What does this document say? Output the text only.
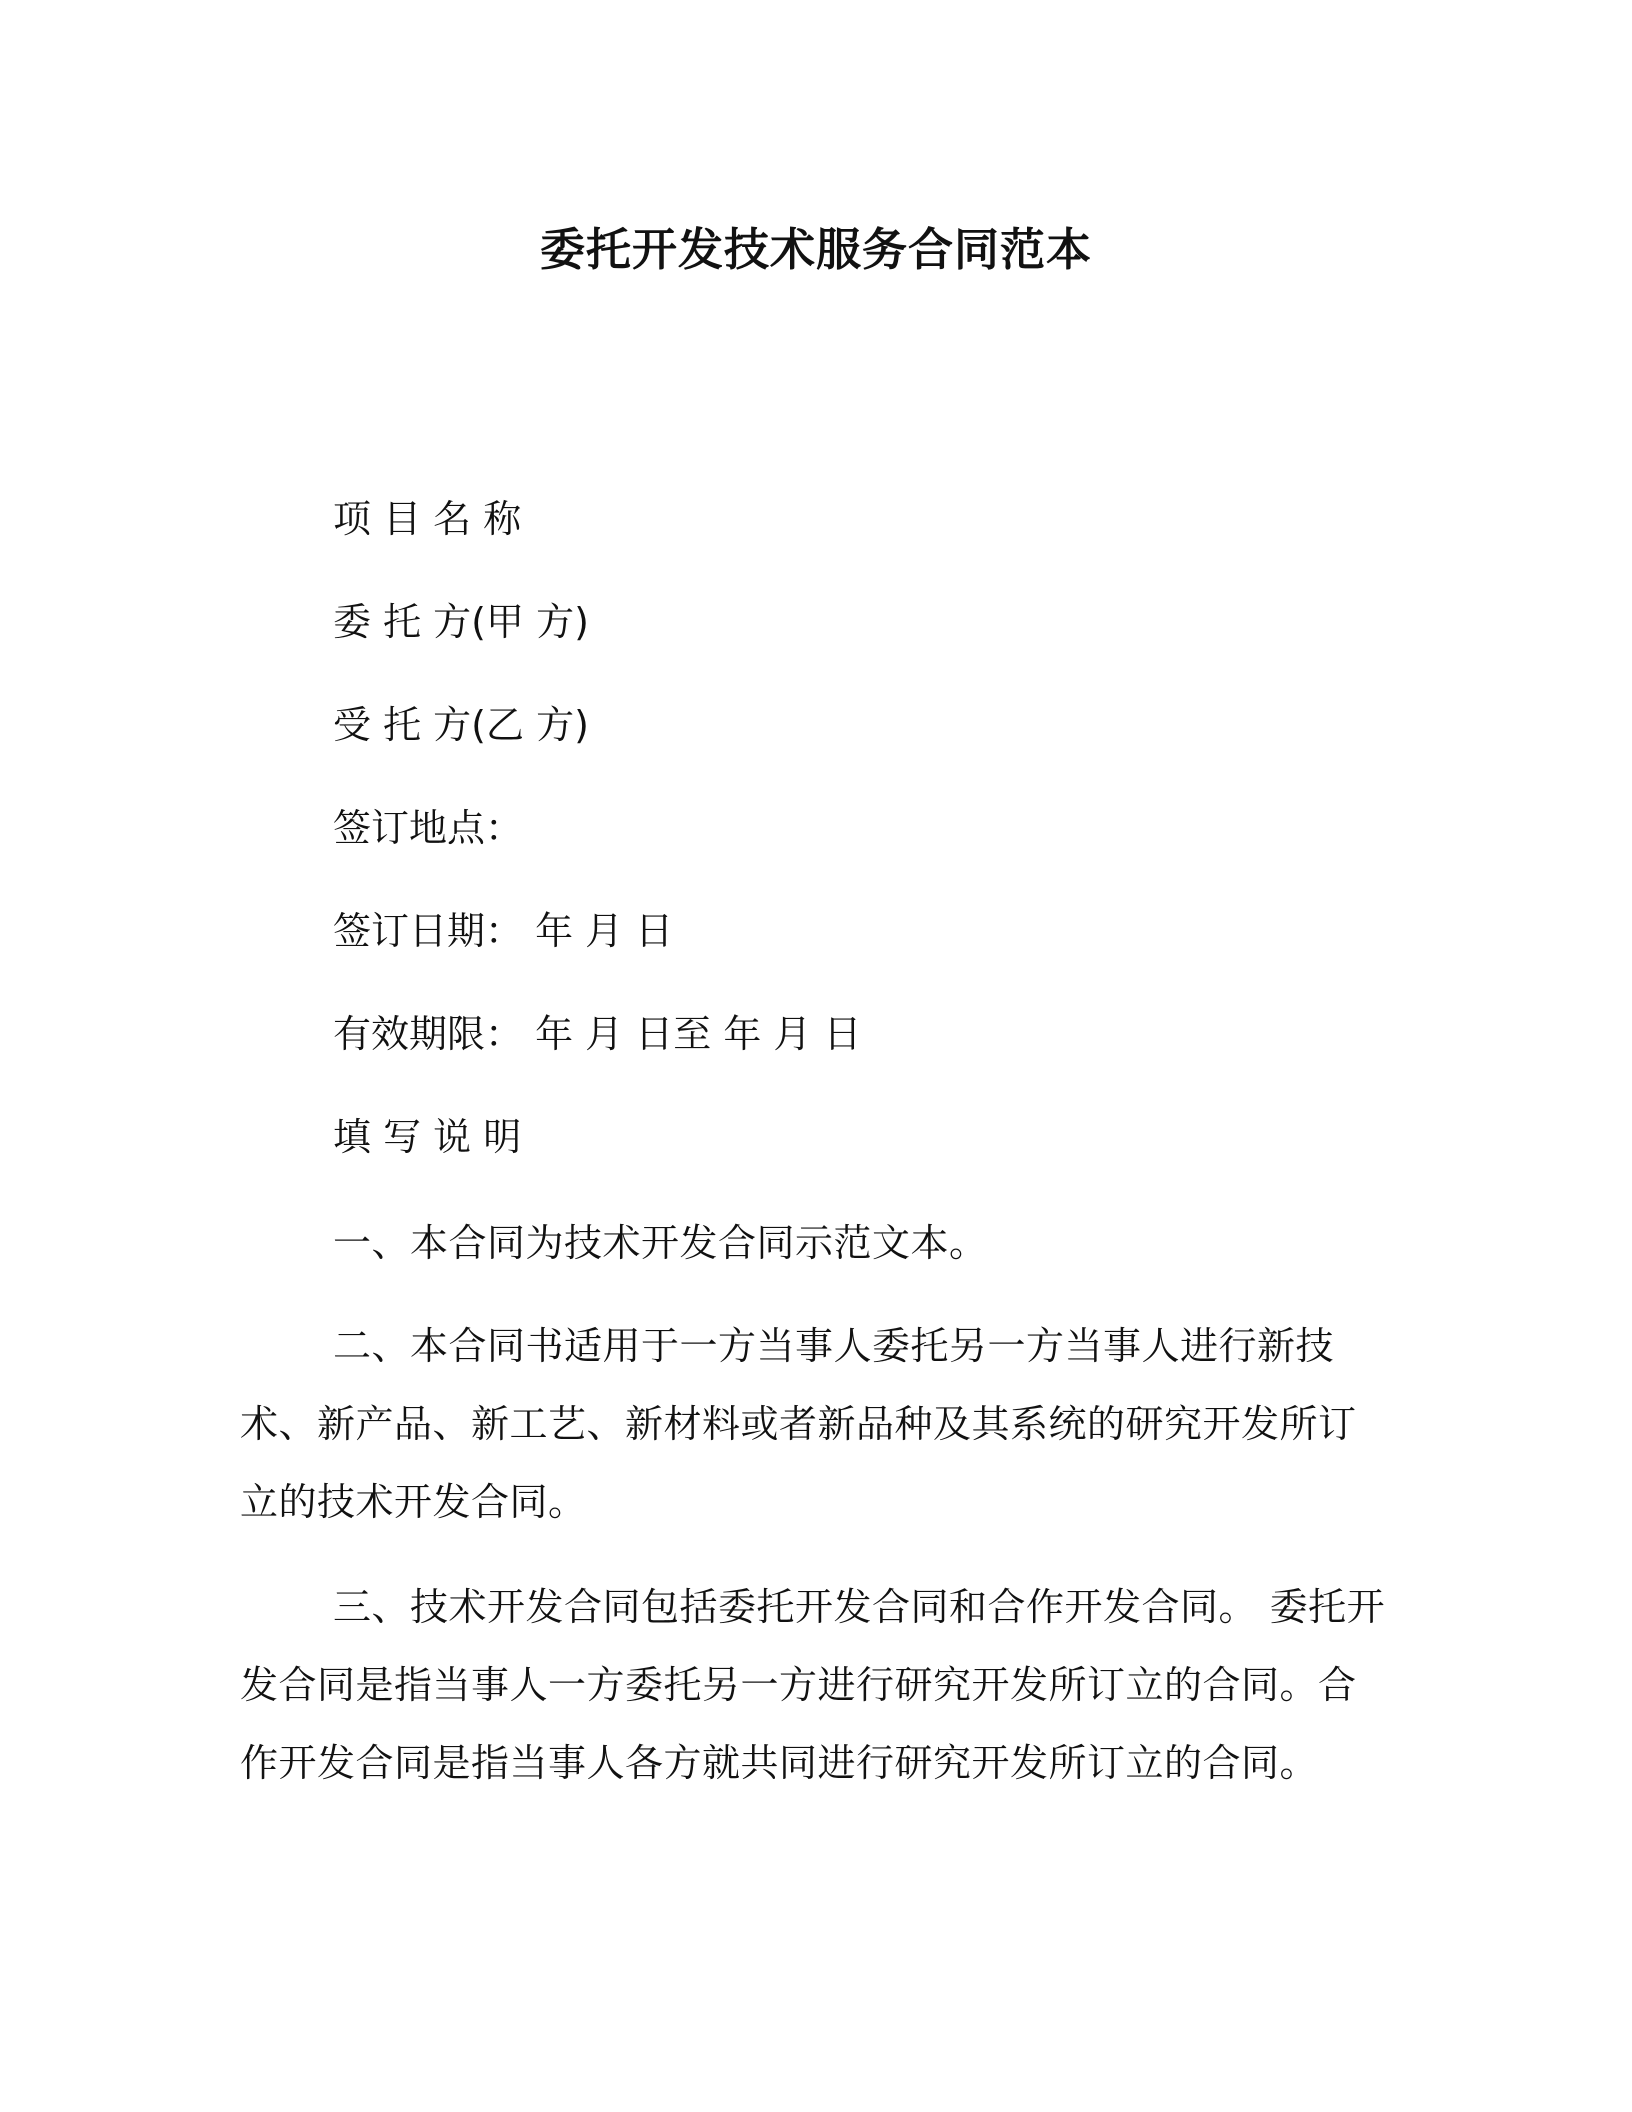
委托开发技术服务合同范本
项 目 名 称
委 托 方(甲 方)
受 托 方(乙 方)
签订地点：
签订日期： 年 月 日
有效期限： 年 月 日至 年 月 日
填 写 说 明
一、本合同为技术开发合同示范文本。
二、本合同书适用于一方当事人委托另一方当事人进行新技术、新产品、新工艺、新材料或者新品种及其系统的研究开发所订立的技术开发合同。
三、技术开发合同包括委托开发合同和合作开发合同。 委托开发合同是指当事人一方委托另一方进行研究开发所订立的合同。合作开发合同是指当事人各方就共同进行研究开发所订立的合同。
